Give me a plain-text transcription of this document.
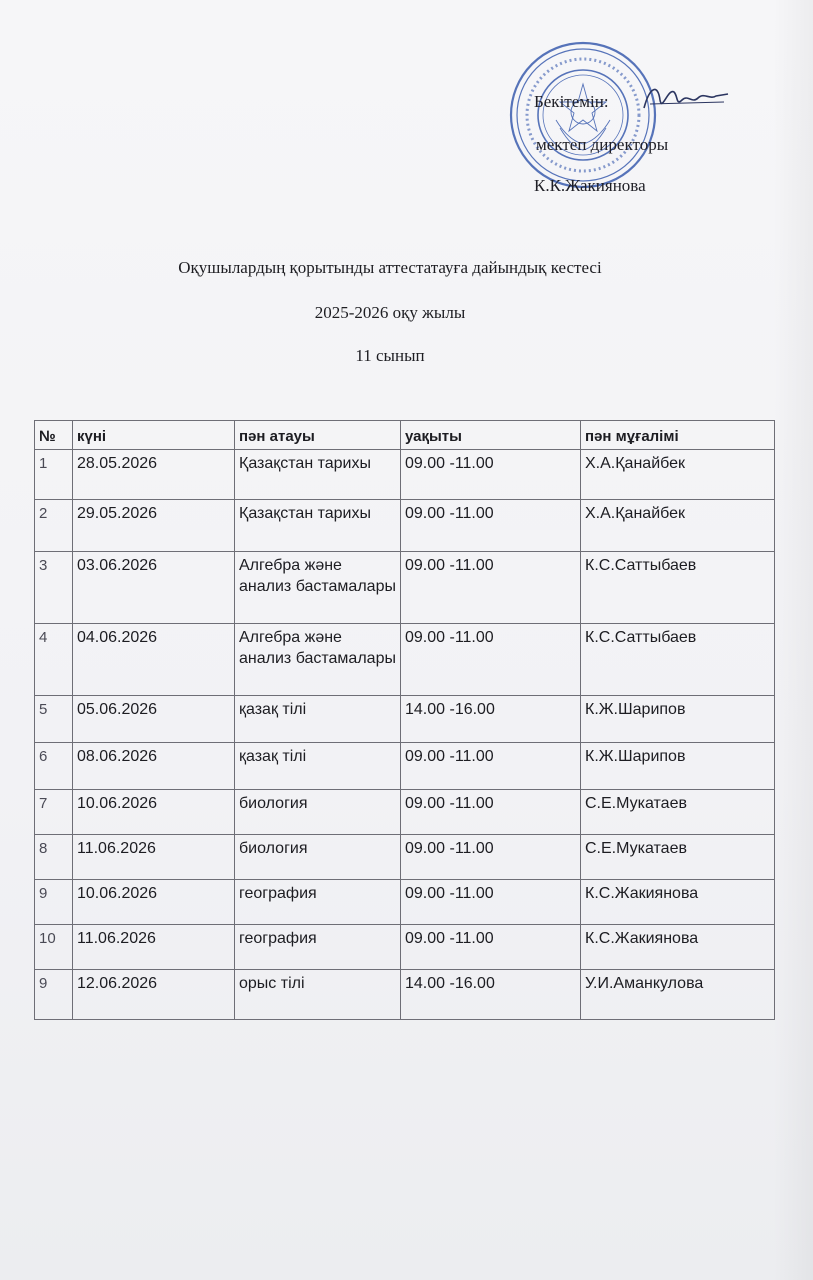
Бекітемін:
мектеп директоры
К.К.Жакиянова
Оқушылардың қорытынды аттестатауға дайындық кестесі
2025-2026 оқу жылы
11 сынып
№	күні	пән атауы	уақыты	пән мұғалімі
1	28.05.2026	Қазақстан тарихы	09.00 -11.00	Х.А.Қанайбек
2	29.05.2026	Қазақстан тарихы	09.00 -11.00	Х.А.Қанайбек
3	03.06.2026	Алгебра және анализ бастамалары	09.00 -11.00	К.С.Саттыбаев
4	04.06.2026	Алгебра және анализ бастамалары	09.00 -11.00	К.С.Саттыбаев
5	05.06.2026	қазақ тілі	14.00 -16.00	К.Ж.Шарипов
6	08.06.2026	қазақ тілі	09.00 -11.00	К.Ж.Шарипов
7	10.06.2026	биология	09.00 -11.00	С.Е.Мукатаев
8	11.06.2026	биология	09.00 -11.00	С.Е.Мукатаев
9	10.06.2026	география	09.00 -11.00	К.С.Жакиянова
10	11.06.2026	география	09.00 -11.00	К.С.Жакиянова
9	12.06.2026	орыс тілі	14.00 -16.00	У.И.Аманкулова
